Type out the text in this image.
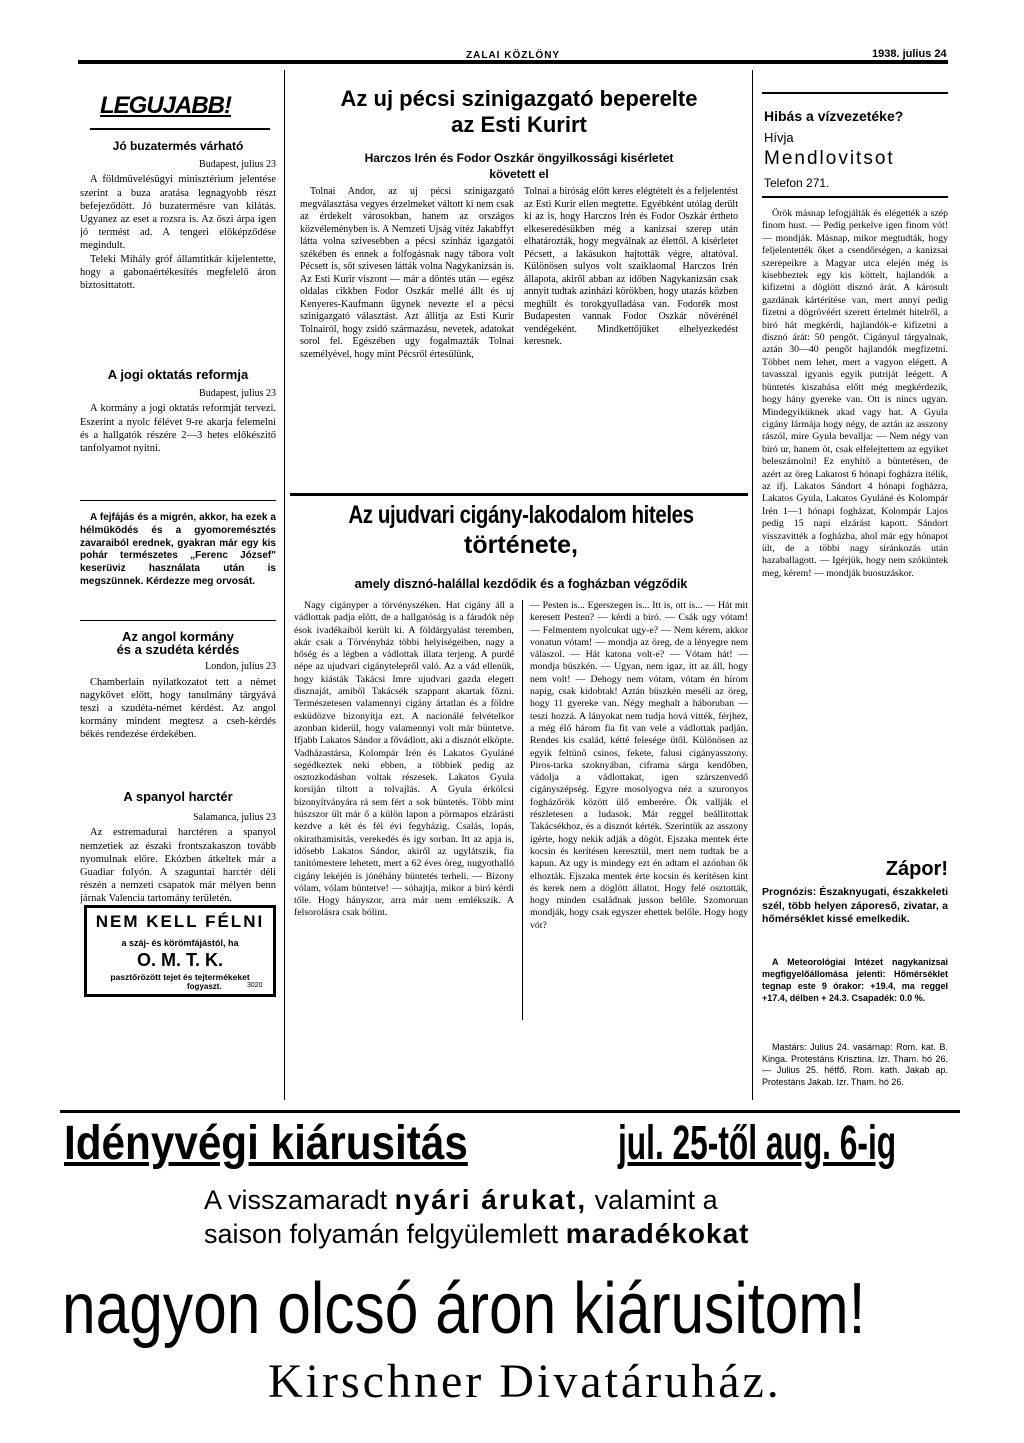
ZALAI KÖZLÖNY	1938. julius 24
LEGUJABB!
Jó buzatermés várható
Budapest, julius 23

A földmüvelésügyi minisztérium jelentése szerint a buza aratása legnagyobb részt befejeződött. Jó buzatermésre van kilátás. Ugyanez az eset a rozsra is. Az őszi árpa igen jó termést ad. A tengeri előképződése megindult.

Teleki Mihály gróf államtitkár kijelentette, hogy a gabonaértékesítés megfelelő áron biztosittatott.

A jogi oktatás reformja
Budapest, julius 23

A kormány a jogi oktatás reformját tervezi. Eszerint a nyolc félévet 9-re akarja felemelni és a hallgatók részére 2—3 hetes előkészitő tanfolyamot nyitni.

A fejfájás és a migrén, akkor, ha ezek a hélmüködés és a gyomoremésztés zavaraiból erednek, gyakran már egy kis pohár természetes „Ferenc József" keserüviz használata után is megszünnek. Kérdezze meg orvosát.

Az angol kormány
és a szudéta kérdés
London, julius 23

Chamberlain nyilatkozatot tett a német nagykövet előtt, hogy tanulmány tárgyává teszi a szudéta-német kérdést. Az angol kormány mindent megtesz a cseh-kérdés békés rendezése érdekében.

A spanyol harctér
Salamanca, julius 23

Az estremadurai harctéren a spanyol nemzetiek az északi frontszakaszon tovább nyomulnak előre. Ekózben átkeltek már a Guadiar folyón. A szaguntai harctér déli részén a nemzeti csapatok már mélyen benn járnak Valencia tartomány területén.

NEM KELL FÉLNI
a száj- és körömfájástól, ha
O. M. T. K.
pasztőrözött tejet és tejtermékeket
fogyaszt.	3020
Az uj pécsi szinigazgató beperelte
az Esti Kurirt
Harczos Irén és Fodor Oszkár öngyilkossági kisérletet
követett el

Tolnai Andor, az uj pécsi szinigazgató megválasztása vegyes érzelmeket váltott ki nem csak az érdekelt városokban, hanem az országos közvéleményben is. A Nemzeti Ujság vitéz Jakabffyt látta volna szivesebben a pécsi szinház igazgatói székében és ennek a folfogásnak nagy tábora volt Pécsett is, sőt szivesen látták volna Nagykanizsán is. Az Esti Kurir viszont — már a döntés után — egész oldalas cikkben Fodor Oszkár mellé állt és uj Kenyeres-Kaufmann ügynek nevezte el a pécsi szinigazgató választást. Azt állitja az Esti Kurir Tolnairól, hogy zsidó származásu, nevetek, adatokat sorol fel. Egészében ugy fogalmazták Tolnai személyével, hogy mint Pécsről értesülünk,

Tolnai a biróság előtt keres elégtételt és a feljelentést az Esti Kurir ellen megtette. Egyébként utólag derült ki az is, hogy Harczos Irén és Fodor Oszkár értheto elkeseredésükben még a kanizsai szerep után elhatározták, hogy megválnak az élettől. A kisérletet Pécsett, a lakásukon hajtották végre, altatóval. Különösen sulyos volt szaiklaomal Harczos Irén állapota, akiről abban az időben Nagykanizsán csak annyit tudtak azinházi körökben, hogy utazás közben meghült és torokgyulladása van. Fodorék most Budapesten vannak Fodor Oszkár nővérénél vendégeként. Mindkettőjüket elhelyezkedést keresnek.

Az ujudvari cigány-lakodalom hiteles
története,
amely disznó-halállal kezdődik és a fogházban végződik

Nagy cigányper a törvényszéken. Hat cigány áll a vádlottak padja előtt, de a hallgatóság is a fáradók nép ésok ivadékaiból került ki. A földárgyalást teremben, akár csak a Törvényház többi helyiségeiben, nagy a hőség és a légben a vádlottak illata terjeng. A purdé népe az ujudvari cigánytelepről való. Az a vád ellenük, hogy kiásták Takácsi Imre ujudvari gazda elegett disznaját, amiből Takácsék szappant akartak főzni. Természetesen valamennyi cigány ártatlan és a földre esküdözve bizonyítja ezt. A nacionálé felvételkor azonban kiderül, hogy valamennyi volt már büntetve. Ifjabb Lakatos Sándor a fővádlott, aki a disznót elköpte. Vadházastársa, Kolompár Irén és Lakatos Gyuláné segédkeztek neki ebben, a többiek pedig az osztozkodásban voltak részesek. Lakatos Gyula korsiján tiltott a tolvajlás. A Gyula érkölcsi bizonyítványára rá sem fért a sok büntetés. Több mint húszszor ült már ő a külön lapon a pörmapos elzárásti kezdve a két és fél évi fegyházig. Csalás, lopás, okirathamisítás, verekedés és így sorban. Itt az apja is, idősebb Lakatos Sándor, akiről az ugylátszik, fia tanítómestere lehetett, mert a 62 éves öreg, nugyothalló cigány lekéjén is jónéhány büntetés terheli. — Bizony vólam, vólam büntetve! — sóhajtja, mikor a biró kérdi tőle. Hogy hányszor, arra már nem emlékszik. A felsorolásra csak bólint.

— Pesten is... Egerszegen is... Itt is, ott is... — Hát mit keresett Pesten? — kérdi a biró. — Csák ugy vótam! — Felmentem nyolcukat ugy-e? — Nem kérem, akkor vonatun vótam! — mondja az öreg, de a lényegre nem válaszol. — Hát katona volt-e? — Vótam hát! — mondja büszkén. — Ugyan, nem igaz, itt az áll, hogy nem volt! — Dehogy nem vótam, vótam én hírom napig, csak kidobtak! Aztán büszkén meséli az öreg, hogy 11 gyereke van. Négy meghalt a háboruban — teszi hozzá. A lányokat nem tudja hová vitték, férjhez, a még élő három fia fit van vele a vádlottak padján. Rendes kis család, kétté felesége ütől. Különösen az egyik feltünő csinos, fekete, falusi cigányasszony. Piros-tarka szoknyában, ciframa sárga kendőben, vádolja a vádlottakat, igen szárszenvedő cigányszépség. Egyre mosolyogva néz a szuronyos fogházőrök között ülő emberére. Ők vallják el részletesen a ludasok. Már reggel beállitottak Takácsékhoz, és a disznót kérték. Szerintük az asszony ígérte, hogy nekik adják a dögöt. Ejszaka mentek érte kocsin és kerítésen keresztül, mert nem tudtak be a kapun. Az ugy is mindegy ezt én adtam el azónban ők elhozták. Ejszaka mentek érte kocsin és kerítésen kint és kerek nem a döglött állatot. Hogy felé osztották, hogy minden családnak jusson belőle. Szomoruan mondják, hogy csak egyszer ehettek belőle. Hogy hogy vót?

Hibás a vízvezetéke?
Hívja
Mendlovitsot
Telefon 271.

Örök másnap lefogjálták és elégették a szép finom hust. — Pedig perkelve igen finom vót! — mondják. Másnap, mikor megtudták, hogy feljelentették őket a csendőrségen, a kanizsai szerepeikre a Magyar utca elején még is kisebbeztek egy kis köttelt, hajlandók a kifizetni a döglött disznó árát. A károsult gazdának kártérítése van, mert annyi pedig fizetni a dögrövéért szerett értelmét hitelről, a biró hát megkérdi, hajlandók-e kifizetni a disznó árát: 50 pengőt. Cigányul tárgyalnak, aztán 30—40 pengőt hajlandók megfizetni. Többet nem lehet, mert a vagyon elégett. A tavasszal igyanis egyik putriját leégett. A büntetés kiszabása előtt még megkérdezik, hogy hány gyereke van. Ott is nincs ugyan. Mindegyiküknek akad vagy hat. A Gyula cigány lármája hogy négy, de aztán az asszony rászól, mire Gyula bevallja: — Nem négy van biró ur, hanem öt, csak elfelejtettem az egyiket beleszámolni! Ez enyhítő a büntetésen, de azért az öreg Lakatost 6 hónapi fogházra itélik, az ifj. Lakatos Sándort 4 hónapi fogházra, Lakatos Gyula, Lakatos Gyuláné és Kolompár Irén 1—1 hónapi fogházat, Kolompár Lajos pedig 15 napi elzárást kapott. Sándort visszavitték a fogházba, ahol már egy hónapot ült, de a többi nagy siránkozás után hazaballagott. — Igérjük, hogy nem szóküntek meg, kérem! — mondják buosuzáskor.

Zápor!

Prognózis: Északnyugati, északkeleti szél, több helyen záporeső, zivatar, a hőmérséklet kissé emelkedik.

A Meteorológiai Intézet nagykanizsai megfigyelőállomása jelenti: Hőmérséklet tegnap este 9 órakor: +19.4, ma reggel +17.4, délben + 24.3. Csapadék: 0.0 %.

Mastárs: Julius 24. vasárnap: Rom. kat. B. Kinga. Protestáns Krisztina. Izr. Tham. hó 26. — Julius 25. hétfő. Rom. kath. Jakab ap. Protestáns Jakab. Izr. Tham. hó 26.

Idényvégi kiárusitás	jul. 25-től aug. 6-ig
A visszamaradt nyári árukat, valamint a
saison folyamán felgyülemlett maradékokat
nagyon olcsó áron kiárusitom!
Kirschner Divatáruház.
